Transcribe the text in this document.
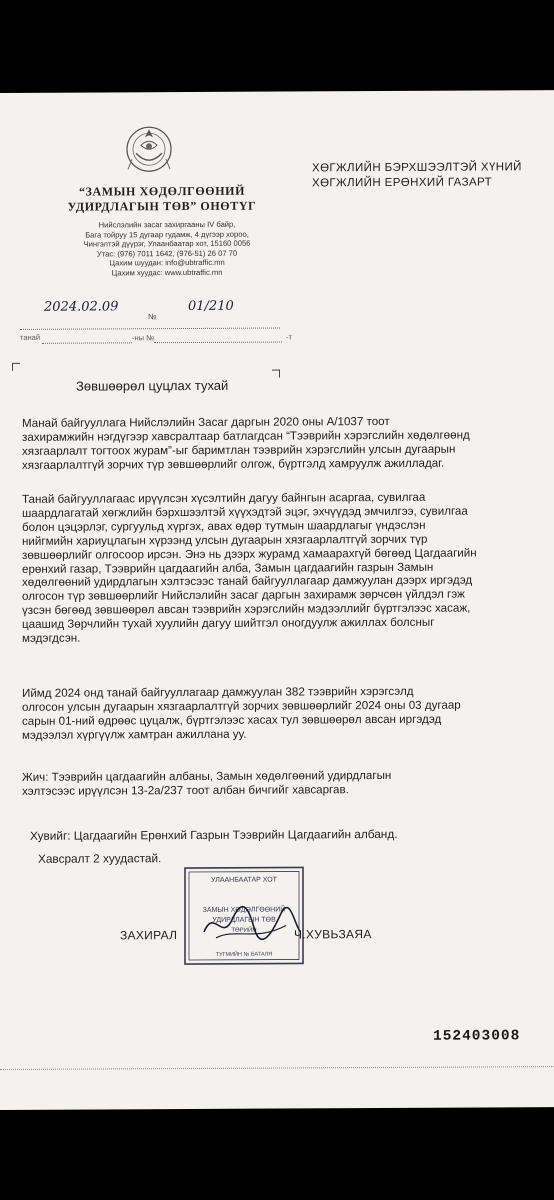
“ЗАМЫН ХӨДӨЛГӨӨНИЙ
УДИРДЛАГЫН ТӨВ” ОНӨТҮГ
Нийслэлийн засаг захиргааны IV байр,
Бага тойруу 15 дугаар гудамж, 4 дүгээр хороо,
Чингэлтэй дүүрэг, Улаанбаатар хот, 15160 0056
Утас: (976) 7011 1642, (976-51) 26 07 70
Цахим шуудан: info@ubtraffic.mn
Цахим хуудас: www.ubtraffic.mn
ХӨГЖЛИЙН БЭРХШЭЭЛТЭЙ ХҮНИЙ
ХӨГЖЛИЙН ЕРӨНХИЙ ГАЗАРТ
2024.02.09
№
01/210
танай	-ны №	-т
Зөвшөөрөл цуцлах тухай
Манай байгууллага Нийслэлийн Засаг даргын 2020 оны А/1037 тоот
захирамжийн нэгдүгээр хавсралтаар батлагдсан “Тээврийн хэрэгслийн хөдөлгөөнд
хязгаарлалт тогтоох журам”-ыг баримтлан тээврийн хэрэгслийн улсын дугаарын
хязгаарлалтгүй зорчих түр зөвшөөрлийг олгож, бүртгэлд хамруулж ажилладаг.
Танай байгууллагаас ирүүлсэн хүсэлтийн дагуу байнгын асаргаа, сувилгаа
шаардлагатай хөгжлийн бэрхшээлтэй хүүхэдтэй эцэг, эхчүүдэд эмчилгээ, сувилгаа
болон цэцэрлэг, сургуульд хүргэх, авах өдөр тутмын шаардлагыг үндэслэн
нийгмийн хариуцлагын хүрээнд улсын дугаарын хязгаарлалтгүй зорчих түр
зөвшөөрлийг олгосоор ирсэн. Энэ нь дээрх журамд хамаарахгүй бөгөөд Цагдаагийн
ерөнхий газар, Тээврийн цагдаагийн алба, Замын цагдаагийн газрын Замын
хөдөлгөөний удирдлагын хэлтэсээс танай байгууллагаар дамжуулан дээрх иргэдэд
олгосон түр зөвшөөрлийг Нийслэлийн засаг даргын захирамж зөрчсөн үйлдэл гэж
үзсэн бөгөөд зөвшөөрөл авсан тээврийн хэрэгслийн мэдээллийг бүртгэлээс хасаж,
цаашид Зөрчлийн тухай хуулийн дагуу шийтгэл оногдуулж ажиллах болсныг
мэдэгдсэн.
Иймд 2024 онд танай байгууллагаар дамжуулан 382 тээврийн хэрэгсэлд
олгосон улсын дугаарын хязгаарлалтгүй зорчих зөвшөөрлийг 2024 оны 03 дугаар
сарын 01-ний өдрөөс цуцалж, бүртгэлээс хасах тул зөвшөөрөл авсан иргэдэд
мэдээлэл хүргүүлж хамтран ажиллана уу.
Жич: Тээврийн цагдаагийн албаны, Замын хөдөлгөөний удирдлагын
хэлтэсээс ирүүлсэн 13-2а/237 тоот албан бичгийг хавсаргав.
Хувийг: Цагдаагийн Ерөнхий Газрын Тээврийн Цагдаагийн албанд.
Хавсралт 2 хуудастай.
УЛААНБААТАР ХОТ
ЗАМЫН ХӨДӨЛГӨӨНИЙ
УДИРДЛАГЫН ТӨВ
ТӨРИЙН
ТУГМИЙН № БАТАЛЯ
ЗАХИРАЛ	Ч.ХУВЬЗАЯА
152403008
